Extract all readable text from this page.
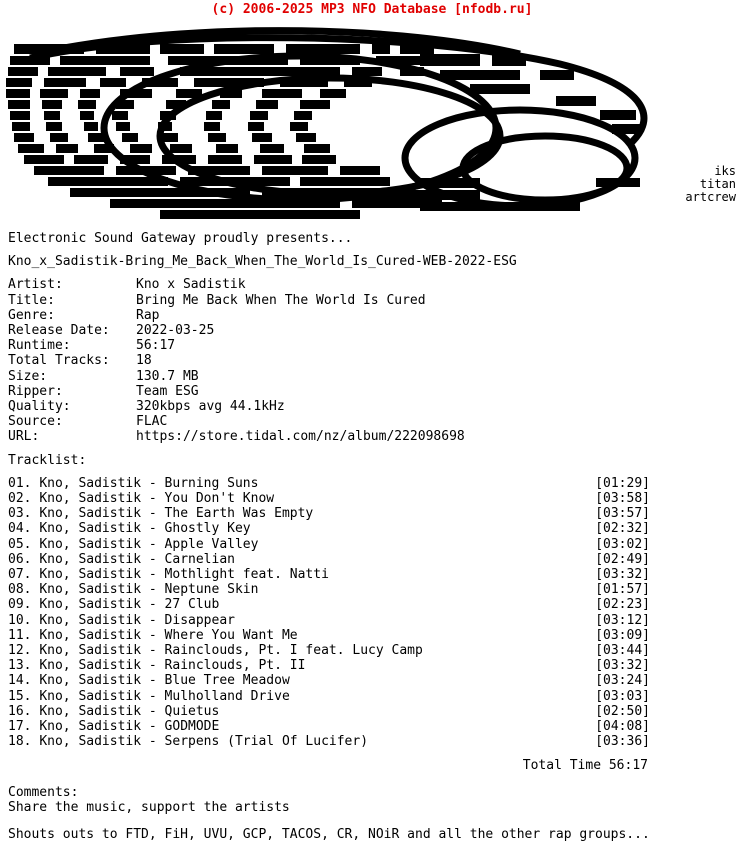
(c) 2006-2025 MP3 NFO Database [nfodb.ru]
iks
titan
artcrew
Electronic Sound Gateway proudly presents...
Kno_x_Sadistik-Bring_Me_Back_When_The_World_Is_Cured-WEB-2022-ESG
Artist:	Kno x Sadistik
Title:	Bring Me Back When The World Is Cured
Genre:	Rap
Release Date:	2022-03-25
Runtime:	56:17
Total Tracks:	18
Size:	130.7 MB
Ripper:	Team ESG
Quality:	320kbps avg 44.1kHz
Source:	FLAC
URL:	https://store.tidal.com/nz/album/222098698
Tracklist:
01. Kno, Sadistik - Burning Suns	[01:29]
02. Kno, Sadistik - You Don't Know	[03:58]
03. Kno, Sadistik - The Earth Was Empty	[03:57]
04. Kno, Sadistik - Ghostly Key	[02:32]
05. Kno, Sadistik - Apple Valley	[03:02]
06. Kno, Sadistik - Carnelian	[02:49]
07. Kno, Sadistik - Mothlight feat. Natti	[03:32]
08. Kno, Sadistik - Neptune Skin	[01:57]
09. Kno, Sadistik - 27 Club	[02:23]
10. Kno, Sadistik - Disappear	[03:12]
11. Kno, Sadistik - Where You Want Me	[03:09]
12. Kno, Sadistik - Rainclouds, Pt. I feat. Lucy Camp	[03:44]
13. Kno, Sadistik - Rainclouds, Pt. II	[03:32]
14. Kno, Sadistik - Blue Tree Meadow	[03:24]
15. Kno, Sadistik - Mulholland Drive	[03:03]
16. Kno, Sadistik - Quietus	[02:50]
17. Kno, Sadistik - GODMODE	[04:08]
18. Kno, Sadistik - Serpens (Trial Of Lucifer)	[03:36]
Total Time 56:17
Comments:
Share the music, support the artists
Shouts outs to FTD, FiH, UVU, GCP, TACOS, CR, NOiR and all the other rap groups...
